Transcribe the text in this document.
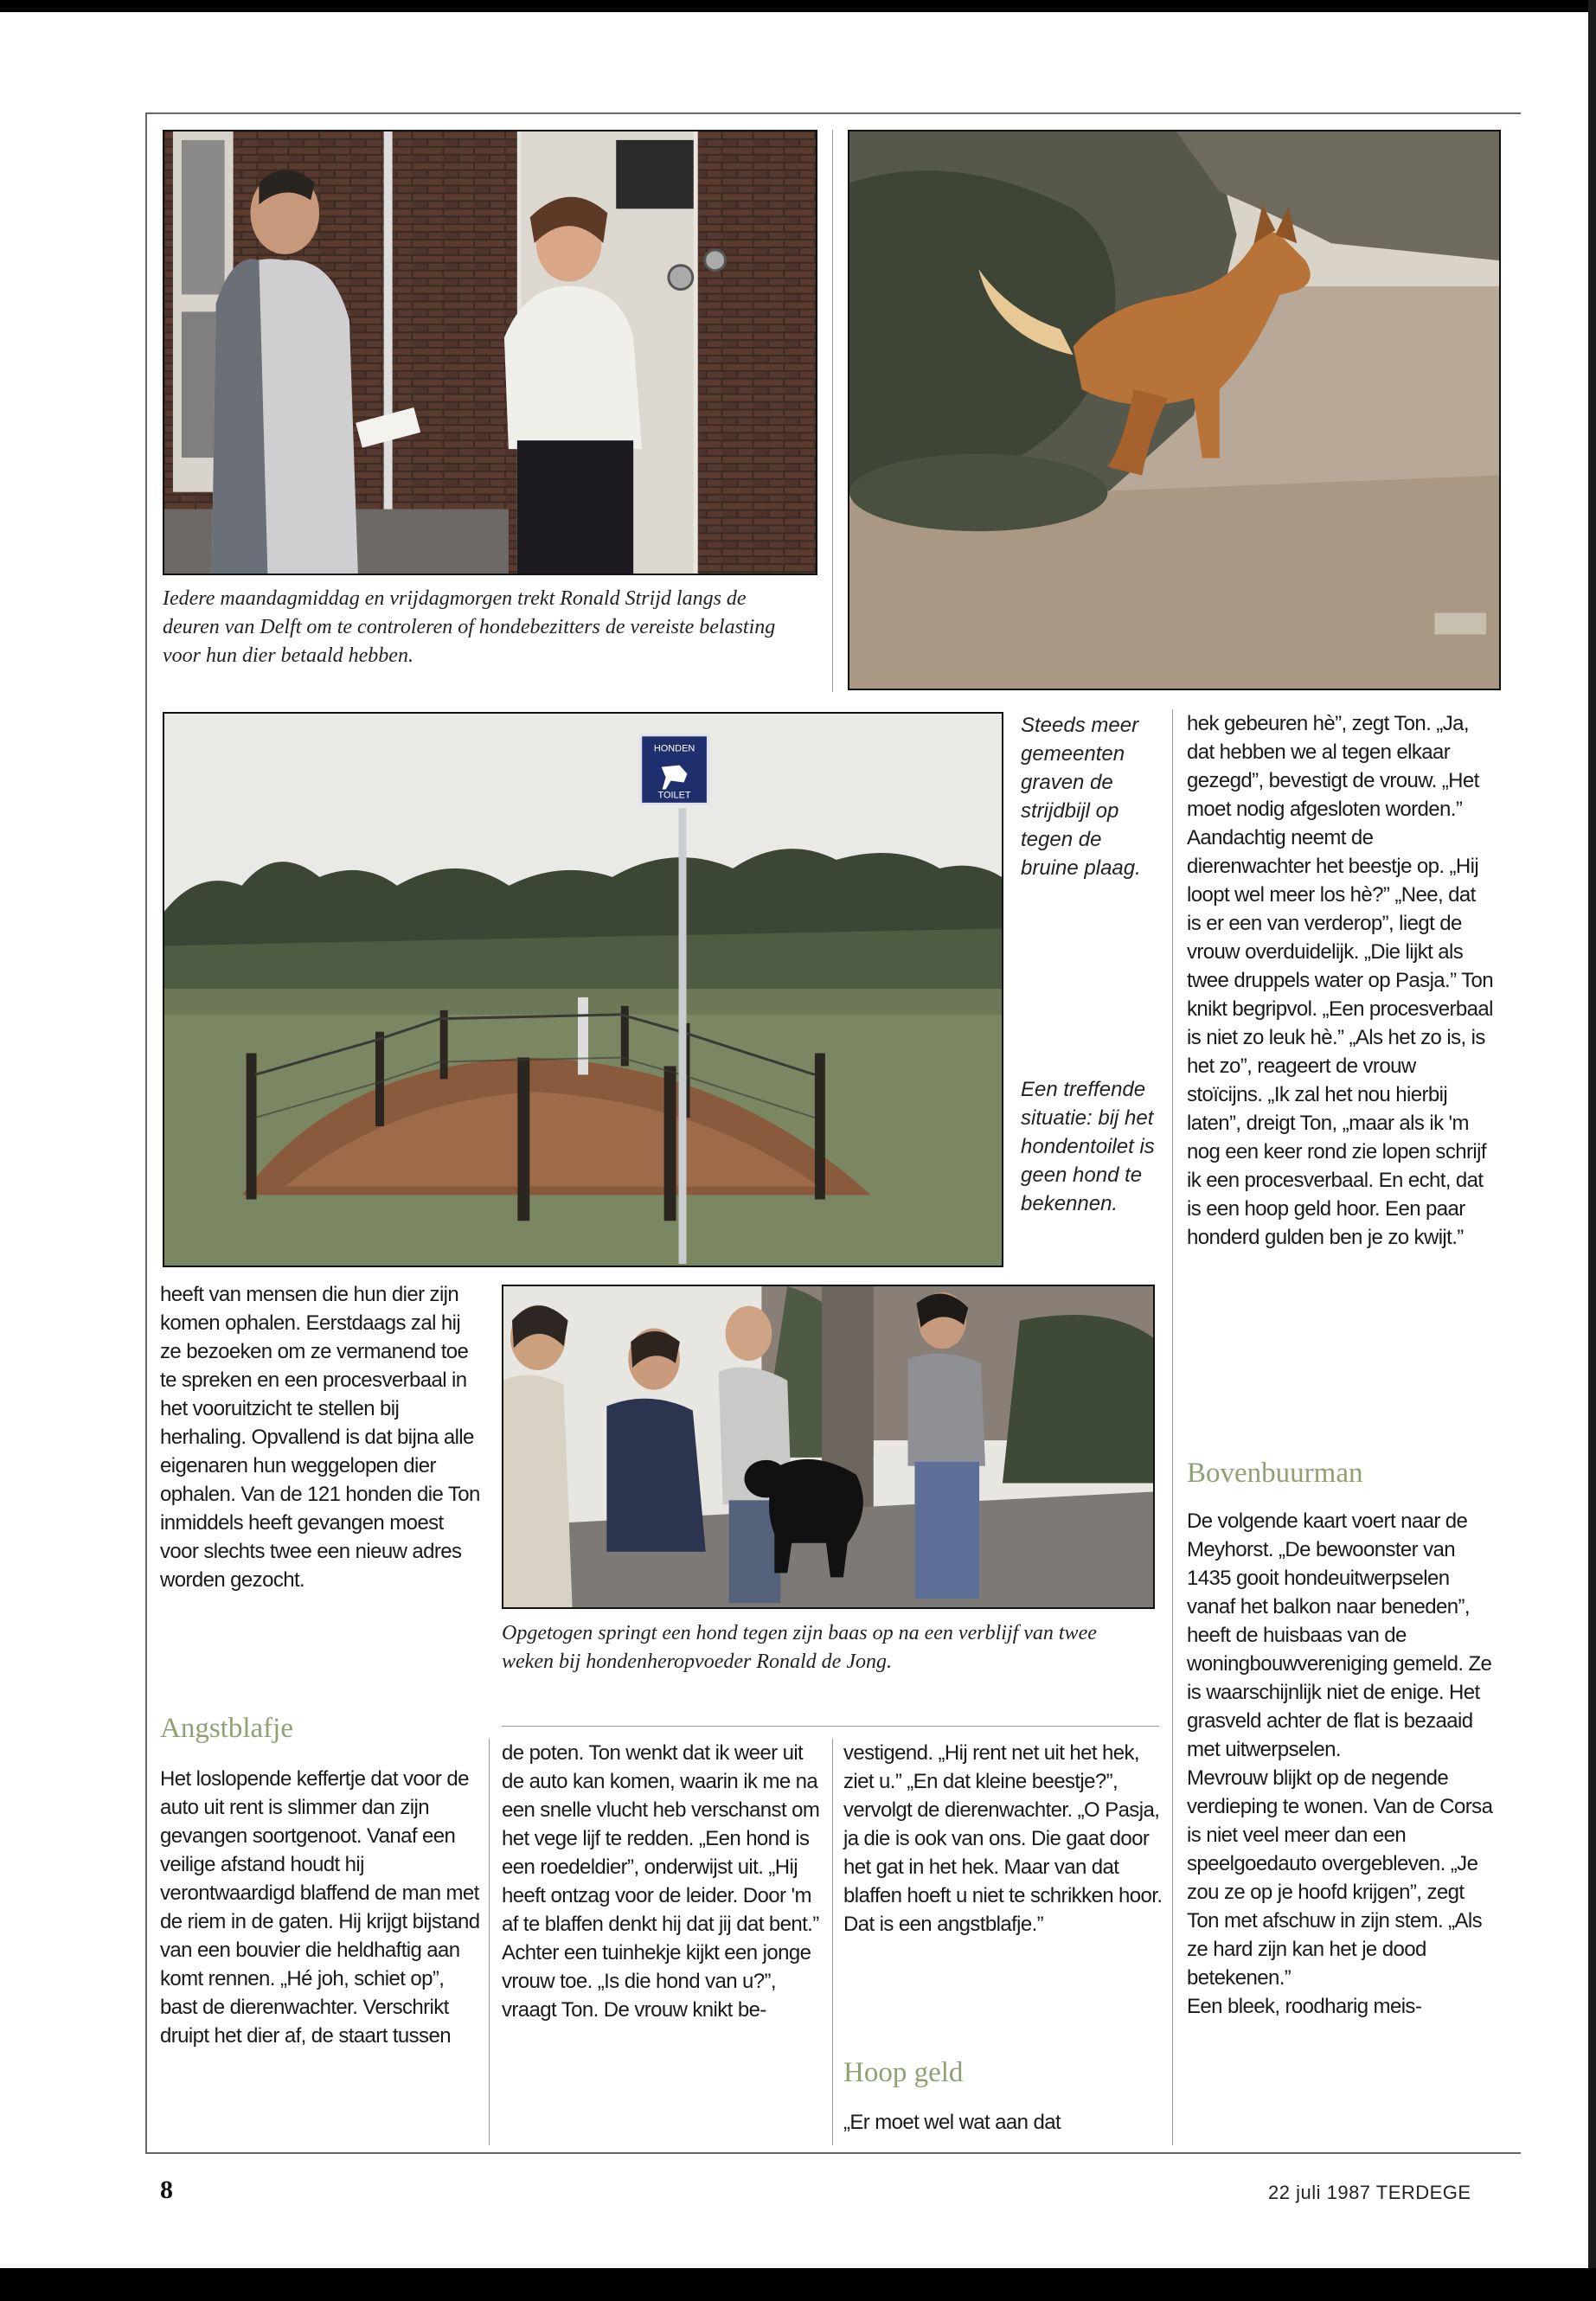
Iedere maandagmiddag en vrijdagmorgen trekt Ronald Strijd langs de deuren van Delft om te controleren of hondebezitters de vereiste belasting voor hun dier betaald hebben.

HONDEN
TOILET

Steeds meer gemeenten graven de strijdbijl op tegen de bruine plaag.

Een treffende situatie: bij het hondentoilet is geen hond te bekennen.

Opgetogen springt een hond tegen zijn baas op na een verblijf van twee weken bij hondenheropvoeder Ronald de Jong.

heeft van mensen die hun dier zijn komen ophalen. Eerstdaags zal hij ze bezoeken om ze vermanend toe te spreken en een procesverbaal in het vooruitzicht te stellen bij herhaling. Opvallend is dat bijna alle eigenaren hun weggelopen dier ophalen. Van de 121 honden die Ton inmiddels heeft gevangen moest voor slechts twee een nieuw adres worden gezocht.
Angstblafje
Het loslopende keffertje dat voor de auto uit rent is slimmer dan zijn gevangen soortgenoot. Vanaf een veilige afstand houdt hij verontwaardigd blaffend de man met de riem in de gaten. Hij krijgt bijstand van een bouvier die heldhaftig aan komt rennen. „Hé joh, schiet op”, bast de dierenwachter. Verschrikt druipt het dier af, de staart tussen
de poten. Ton wenkt dat ik weer uit de auto kan komen, waarin ik me na een snelle vlucht heb verschanst om het vege lijf te redden. „Een hond is een roedeldier”, onderwijst uit. „Hij heeft ontzag voor de leider. Door 'm af te blaffen denkt hij dat jij dat bent.” Achter een tuinhekje kijkt een jonge vrouw toe. „Is die hond van u?”, vraagt Ton. De vrouw knikt be-
vestigend. „Hij rent net uit het hek, ziet u.” „En dat kleine beestje?”, vervolgt de dierenwachter. „O Pasja, ja die is ook van ons. Die gaat door het gat in het hek. Maar van dat blaffen hoeft u niet te schrikken hoor. Dat is een angstblafje.”
Hoop geld
„Er moet wel wat aan dat
hek gebeuren hè”, zegt Ton. „Ja, dat hebben we al tegen elkaar gezegd”, bevestigt de vrouw. „Het moet nodig afgesloten worden.” Aandachtig neemt de dierenwachter het beestje op. „Hij loopt wel meer los hè?” „Nee, dat is er een van verderop”, liegt de vrouw overduidelijk. „Die lijkt als twee druppels water op Pasja.” Ton knikt begripvol. „Een procesverbaal is niet zo leuk hè.” „Als het zo is, is het zo”, reageert de vrouw stoïcijns. „Ik zal het nou hierbij laten”, dreigt Ton, „maar als ik 'm nog een keer rond zie lopen schrijf ik een procesverbaal. En echt, dat is een hoop geld hoor. Een paar honderd gulden ben je zo kwijt.”
Bovenbuurman

De volgende kaart voert naar de Meyhorst. „De bewoonster van 1435 gooit hondeuitwerpselen vanaf het balkon naar beneden”, heeft de huisbaas van de woningbouwvereniging gemeld. Ze is waarschijnlijk niet de enige. Het grasveld achter de flat is bezaaid met uitwerpselen.

Mevrouw blijkt op de negende verdieping te wonen. Van de Corsa is niet veel meer dan een speelgoedauto overgebleven. „Je zou ze op je hoofd krijgen”, zegt Ton met afschuw in zijn stem. „Als ze hard zijn kan het je dood betekenen.”

Een bleek, roodharig meis-

8	22 juli 1987 TERDEGE
